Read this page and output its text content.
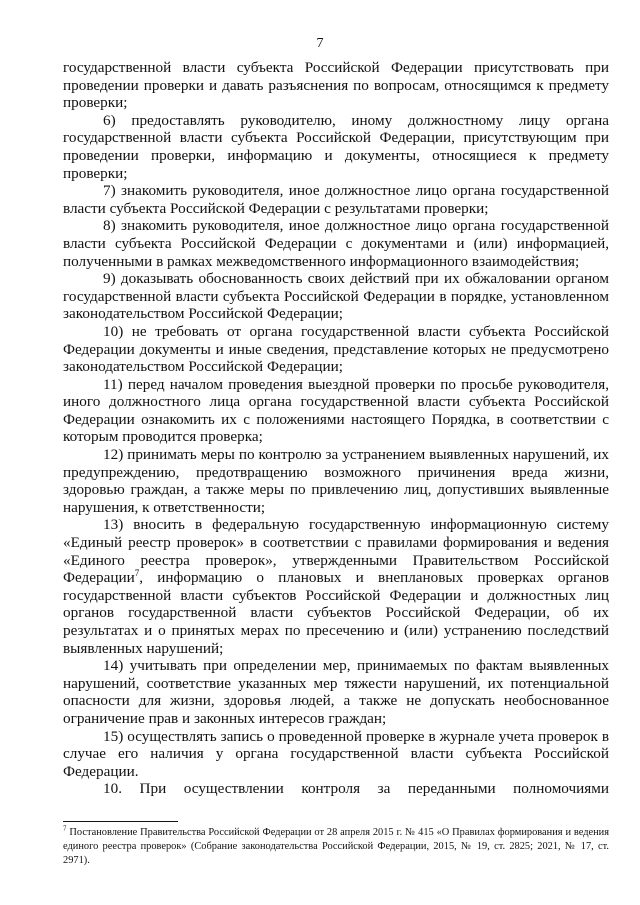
7

государственной власти субъекта Российской Федерации присутствовать при проведении проверки и давать разъяснения по вопросам, относящимся к предмету проверки;

6) предоставлять руководителю, иному должностному лицу органа государственной власти субъекта Российской Федерации, присутствующим при проведении проверки, информацию и документы, относящиеся к предмету проверки;

7) знакомить руководителя, иное должностное лицо органа государственной власти субъекта Российской Федерации с результатами проверки;

8) знакомить руководителя, иное должностное лицо органа государственной власти субъекта Российской Федерации с документами и (или) информацией, полученными в рамках межведомственного информационного взаимодействия;

9) доказывать обоснованность своих действий при их обжаловании органом государственной власти субъекта Российской Федерации в порядке, установленном законодательством Российской Федерации;

10) не требовать от органа государственной власти субъекта Российской Федерации документы и иные сведения, представление которых не предусмотрено законодательством Российской Федерации;

11) перед началом проведения выездной проверки по просьбе руководителя, иного должностного лица органа государственной власти субъекта Российской Федерации ознакомить их с положениями настоящего Порядка, в соответствии с которым проводится проверка;

12) принимать меры по контролю за устранением выявленных нарушений, их предупреждению, предотвращению возможного причинения вреда жизни, здоровью граждан, а также меры по привлечению лиц, допустивших выявленные нарушения, к ответственности;

13) вносить в федеральную государственную информационную систему «Единый реестр проверок» в соответствии с правилами формирования и ведения «Единого реестра проверок», утвержденными Правительством Российской Федерации$^7$, информацию о плановых и внеплановых проверках органов государственной власти субъектов Российской Федерации и должностных лиц органов государственной власти субъектов Российской Федерации, об их результатах и о принятых мерах по пресечению и (или) устранению последствий выявленных нарушений;

14) учитывать при определении мер, принимаемых по фактам выявленных нарушений, соответствие указанных мер тяжести нарушений, их потенциальной опасности для жизни, здоровья людей, а также не допускать необоснованное ограничение прав и законных интересов граждан;

15) осуществлять запись о проведенной проверке в журнале учета проверок в случае его наличия у органа государственной власти субъекта Российской Федерации.

10. При осуществлении контроля за переданными полномочиями

$^7$ Постановление Правительства Российской Федерации от 28 апреля 2015 г. № 415 «О Правилах формирования и ведения единого реестра проверок» (Собрание законодательства Российской Федерации, 2015, № 19, ст. 2825; 2021, № 17, ст. 2971).
